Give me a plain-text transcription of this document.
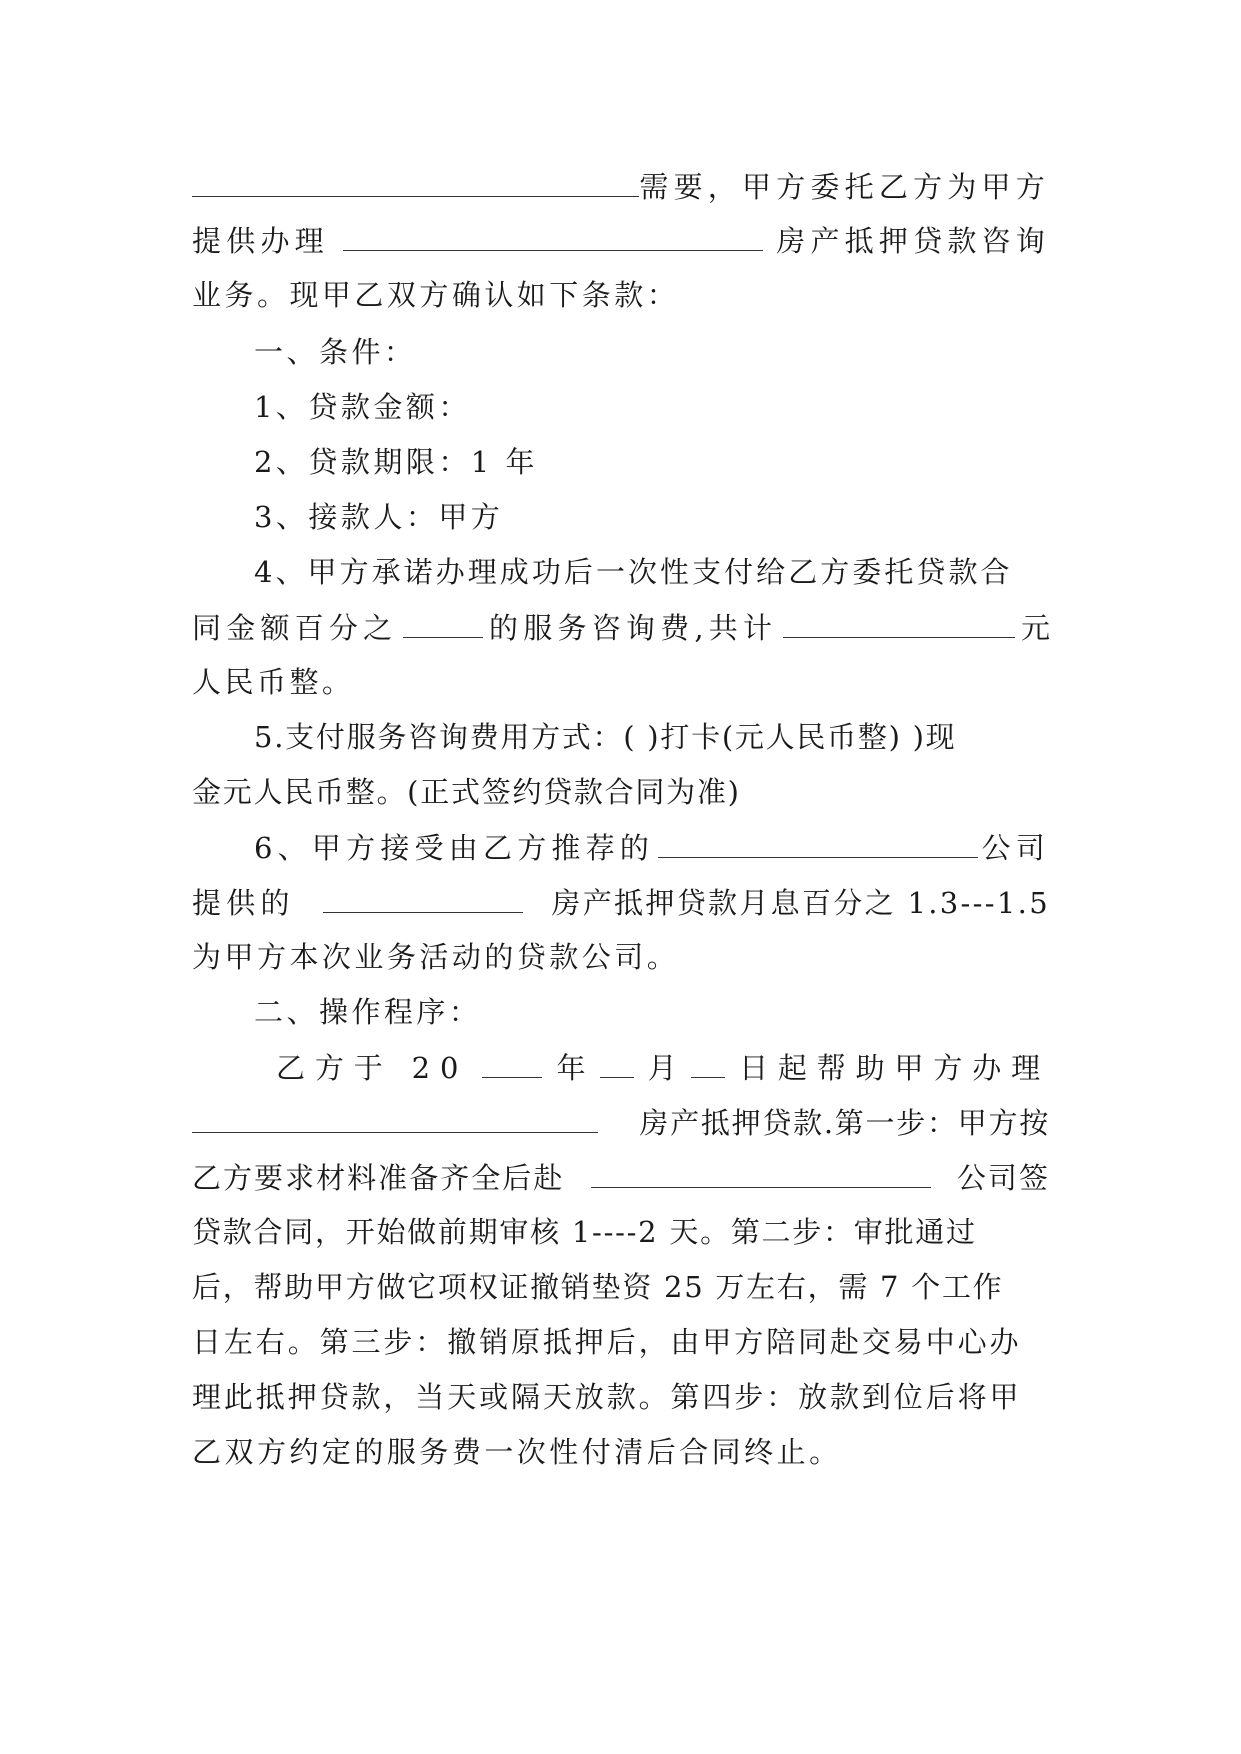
需要，甲方委托乙方为甲方
提供办理	房产抵押贷款咨询
业务。现甲乙双方确认如下条款：
一、条件：
1、贷款金额：
2、贷款期限：1 年
3、接款人：甲方
4、甲方承诺办理成功后一次性支付给乙方委托贷款合
同金额百分之	的服务咨询费,共计	元
人民币整。
5.支付服务咨询费用方式：( )打卡(元人民币整) )现
金元人民币整。(正式签约贷款合同为准)
6、甲方接受由乙方推荐的	公司
提供的	房产抵押贷款月息百分之 1.3---1.5
为甲方本次业务活动的贷款公司。
二、操作程序：
乙方于 20	年 月 日起帮助甲方办理
房产抵押贷款.第一步：甲方按
乙方要求材料准备齐全后赴	公司签
贷款合同，开始做前期审核 1----2 天。第二步：审批通过
后，帮助甲方做它项权证撤销垫资 25 万左右，需 7 个工作
日左右。第三步：撤销原抵押后，由甲方陪同赴交易中心办
理此抵押贷款，当天或隔天放款。第四步：放款到位后将甲
乙双方约定的服务费一次性付清后合同终止。
